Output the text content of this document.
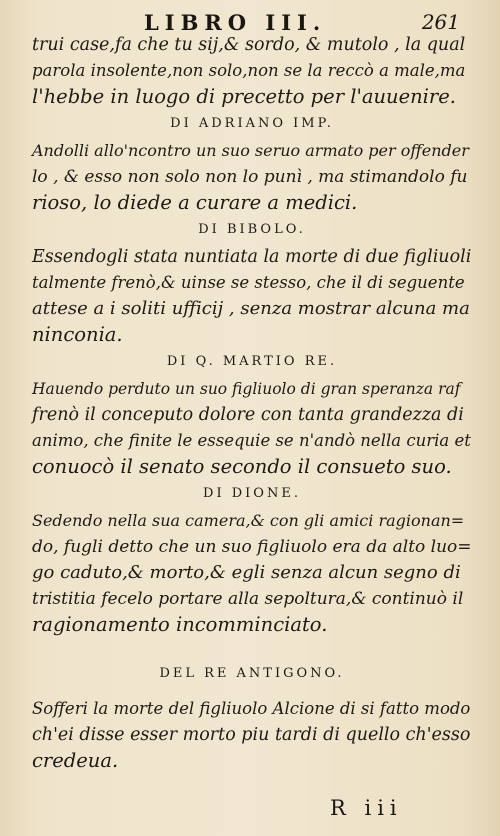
LIBRO III.	261
trui case,fa che tu sij,& sordo, & mutolo , la qual
parola insolente,non solo,non se la reccò a male,ma
l'hebbe in luogo di precetto per l'auuenire.
DI ADRIANO IMP.
Andolli allo'ncontro un suo seruo armato per offender
lo , & esso non solo non lo punì , ma stimandolo fu
rioso, lo diede a curare a medici.
DI BIBOLO.
Essendogli stata nuntiata la morte di due figliuoli
talmente frenò,& uinse se stesso, che il di seguente
attese a i soliti ufficij , senza mostrar alcuna ma
ninconia.
DI Q. MARTIO RE.
Hauendo perduto un suo figliuolo di gran speranza raf
frenò il conceputo dolore con tanta grandezza di
animo, che finite le essequie se n'andò nella curia et
conuocò il senato secondo il consueto suo.
DI DIONE.
Sedendo nella sua camera,& con gli amici ragionan=
do, fugli detto che un suo figliuolo era da alto luo=
go caduto,& morto,& egli senza alcun segno di
tristitia fecelo portare alla sepoltura,& continuò il
ragionamento incomminciato.
DEL RE ANTIGONO.
Sofferi la morte del figliuolo Alcione di si fatto modo
ch'ei disse esser morto piu tardi di quello ch'esso
credeua.
R iii
